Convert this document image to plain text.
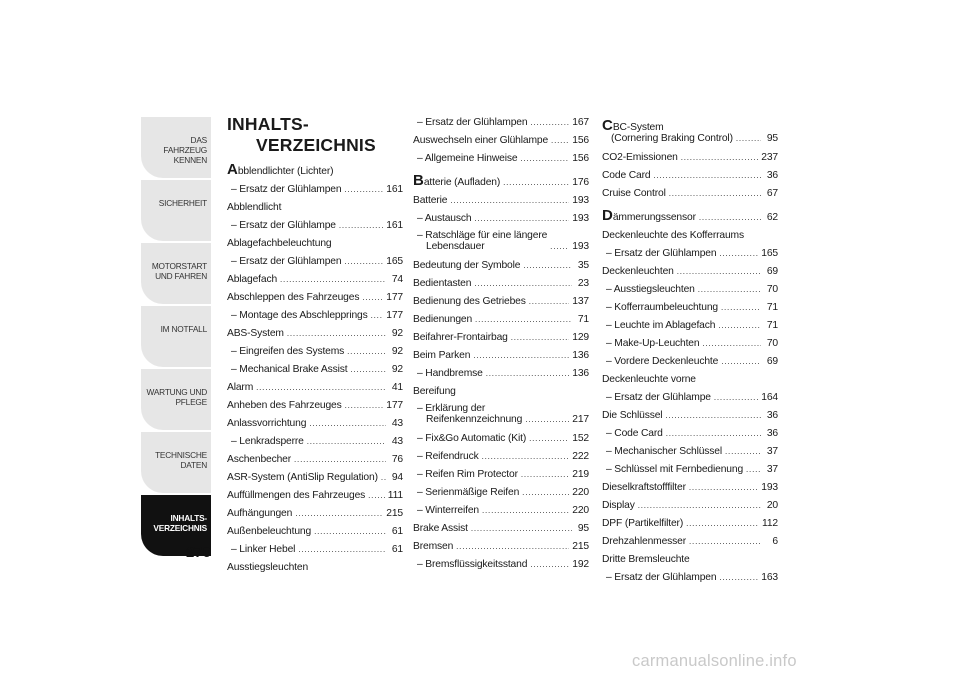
DAS FAHRZEUG KENNEN
SICHERHEIT
MOTORSTART UND FAHREN
IM NOTFALL
WARTUNG UND PFLEGE
TECHNISCHE DATEN
INHALTS-VERZEICHNIS
270
INHALTS-
VERZEICHNIS
Abblendlichter (Lichter)
– Ersatz der Glühlampen .....	161
Abblendlicht
– Ersatz der Glühlampe .....	161
Ablagefachbeleuchtung
– Ersatz der Glühlampen .....	165
Ablagefach .....	74
Abschleppen des Fahrzeuges .....	177
– Montage des Abschlepprings ..... 177
ABS-System .....	92
– Eingreifen des Systems .....	92
– Mechanical Brake Assist .....	92
Alarm .....	41
Anheben des Fahrzeuges .....	177
Anlassvorrichtung .....	43
– Lenkradsperre .....	43
Aschenbecher .....	76
ASR-System (AntiSlip Regulation) ..... 94
Auffüllmengen des Fahrzeuges ..... 111
Aufhängungen .....	215
Außenbeleuchtung .....	61
– Linker Hebel .....	61
Ausstiegsleuchten
– Ersatz der Glühlampen .....	167
Auswechseln einer Glühlampe ..... 156
– Allgemeine Hinweise .....	156
Batterie (Aufladen) .....	176
Batterie .....	193
– Austausch .....	193
– Ratschläge für eine längere
Lebensdauer .....	193
Bedeutung der Symbole .....	35
Bedientasten .....	23
Bedienung des Getriebes .....	137
Bedienungen .....	71
Beifahrer-Frontairbag .....	129
Beim Parken .....	136
– Handbremse .....	136
Bereifung
– Erklärung der
Reifenkennzeichnung .....	217
– Fix&Go Automatic (Kit) .....	152
– Reifendruck .....	222
– Reifen Rim Protector .....	219
– Serienmäßige Reifen .....	220
– Winterreifen .....	220
Brake Assist .....	95
Bremsen .....	215
– Bremsflüssigkeitsstand .....	192
CBC-System
(Cornering Braking Control) .....	95
CO2-Emissionen .....	237
Code Card .....	36
Cruise Control .....	67
Dämmerungssensor .....	62
Deckenleuchte des Kofferraums
– Ersatz der Glühlampen .....	165
Deckenleuchten .....	69
– Ausstiegsleuchten .....	70
– Kofferraumbeleuchtung .....	71
– Leuchte im Ablagefach .....	71
– Make-Up-Leuchten .....	70
– Vordere Deckenleuchte .....	69
Deckenleuchte vorne
– Ersatz der Glühlampe .....	164
Die Schlüssel .....	36
– Code Card .....	36
– Mechanischer Schlüssel .....	37
– Schlüssel mit Fernbedienung ..... 37
Dieselkraftstofffilter .....	193
Display .....	20
DPF (Partikelfilter) .....	112
Drehzahlenmesser .....	6
Dritte Bremsleuchte
– Ersatz der Glühlampen .....	163
carmanualsonline.info
